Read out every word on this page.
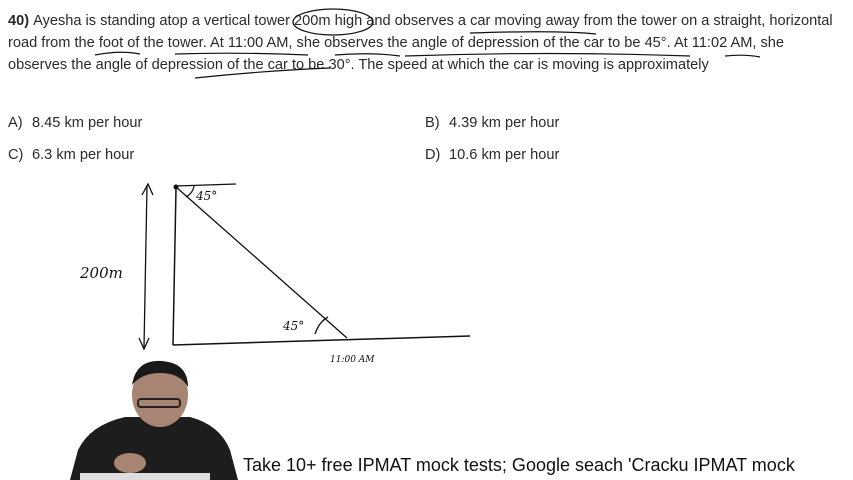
40) Ayesha is standing atop a vertical tower 200m high and observes a car moving away from the tower on a straight, horizontal road from the foot of the tower. At 11:00 AM, she observes the angle of depression of the car to be 45°. At 11:02 AM, she observes the angle of depression of the car to be 30°. The speed at which the car is moving is approximately
A) 8.45 km per hour	B) 4.39 km per hour
C) 6.3 km per hour	D) 10.6 km per hour
200m
45°
45°
11:00 AM
Take 10+ free IPMAT mock tests; Google seach 'Cracku IPMAT mock
